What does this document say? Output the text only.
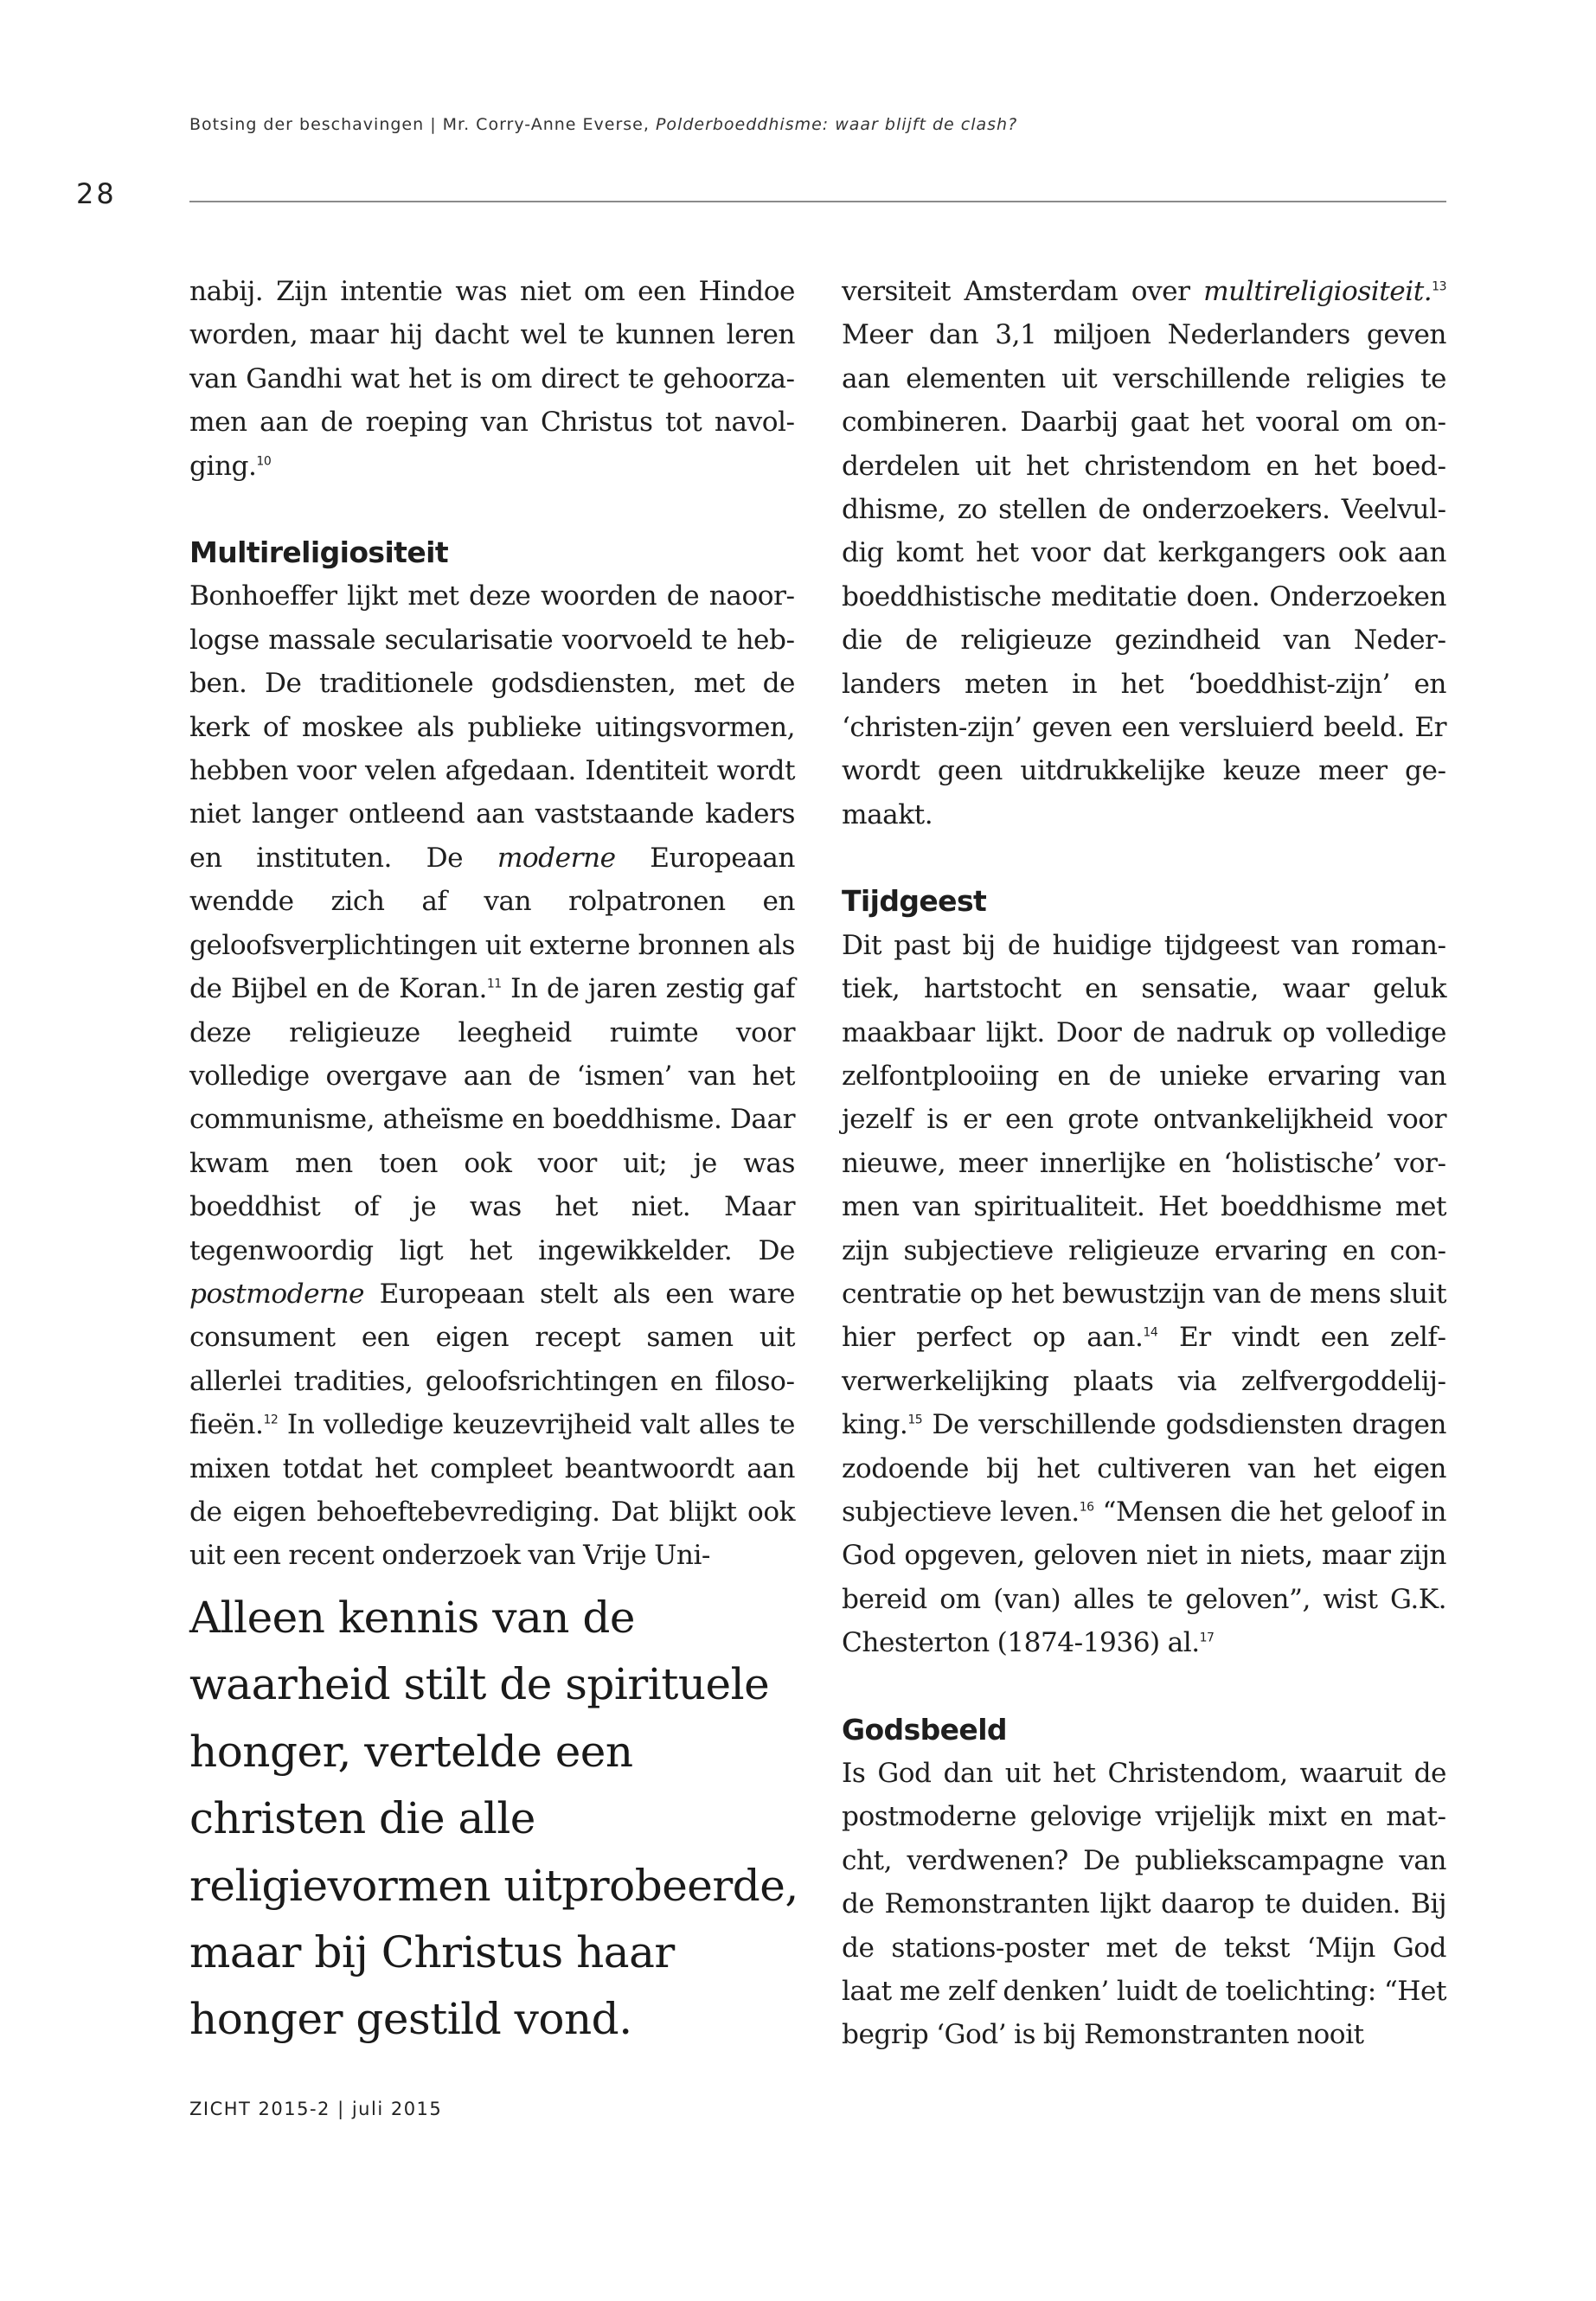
Botsing der beschavingen | Mr. Corry-Anne Everse, Polderboeddhisme: waar blijft de clash?
28

nabij. Zijn intentie was niet om een Hindoe worden, maar hij dacht wel te kunnen leren van Gandhi wat het is om direct te gehoorzamen aan de roeping van Christus tot navolging.$^{10}$

Multireligiositeit

Bonhoeffer lijkt met deze woorden de naoorlogse massale secularisatie voorvoeld te hebben. De traditionele godsdiensten, met de kerk of moskee als publieke uitingsvormen, hebben voor velen afgedaan. Identiteit wordt niet langer ontleend aan vaststaande kaders en instituten. De moderne Europeaan wendde zich af van rolpatronen en geloofsverplichtingen uit externe bronnen als de Bijbel en de Koran.$^{11}$ In de jaren zestig gaf deze religieuze leegheid ruimte voor volledige overgave aan de ‘ismen’ van het communisme, atheïsme en boeddhisme. Daar kwam men toen ook voor uit; je was boeddhist of je was het niet. Maar tegenwoordig ligt het ingewikkelder. De postmoderne Europeaan stelt als een ware consument een eigen recept samen uit allerlei tradities, geloofsrichtingen en filosofieën.$^{12}$ In volledige keuzevrijheid valt alles te mixen totdat het compleet beantwoordt aan de eigen behoeftebevrediging. Dat blijkt ook uit een recent onderzoek van Vrije Uni-

Alleen kennis van de
waarheid stilt de spirituele
honger, vertelde een
christen die alle
religievormen uitprobeerde,
maar bij Christus haar
honger gestild vond.

versiteit Amsterdam over multireligiositeit.$^{13}$ Meer dan 3,1 miljoen Nederlanders geven aan elementen uit verschillende religies te combineren. Daarbij gaat het vooral om onderdelen uit het christendom en het boeddhisme, zo stellen de onderzoekers. Veelvuldig komt het voor dat kerkgangers ook aan boeddhistische meditatie doen. Onderzoeken die de religieuze gezindheid van Nederlanders meten in het ‘boeddhist-zijn’ en ‘christen-zijn’ geven een versluierd beeld. Er wordt geen uitdrukkelijke keuze meer gemaakt.

Tijdgeest

Dit past bij de huidige tijdgeest van romantiek, hartstocht en sensatie, waar geluk maakbaar lijkt. Door de nadruk op volledige zelfontplooiing en de unieke ervaring van jezelf is er een grote ontvankelijkheid voor nieuwe, meer innerlijke en ‘holistische’ vormen van spiritualiteit. Het boeddhisme met zijn subjectieve religieuze ervaring en concentratie op het bewustzijn van de mens sluit hier perfect op aan.$^{14}$ Er vindt een zelfverwerkelijking plaats via zelfvergoddelijking.$^{15}$ De verschillende godsdiensten dragen zodoende bij het cultiveren van het eigen subjectieve leven.$^{16}$ “Mensen die het geloof in God opgeven, geloven niet in niets, maar zijn bereid om (van) alles te geloven”, wist G.K. Chesterton (1874-1936) al.$^{17}$

Godsbeeld

Is God dan uit het Christendom, waaruit de postmoderne gelovige vrijelijk mixt en matcht, verdwenen? De publiekscampagne van de Remonstranten lijkt daarop te duiden. Bij de stations-poster met de tekst ‘Mijn God laat me zelf denken’ luidt de toelichting: “Het begrip ‘God’ is bij Remonstranten nooit

ZICHT 2015-2 | juli 2015
